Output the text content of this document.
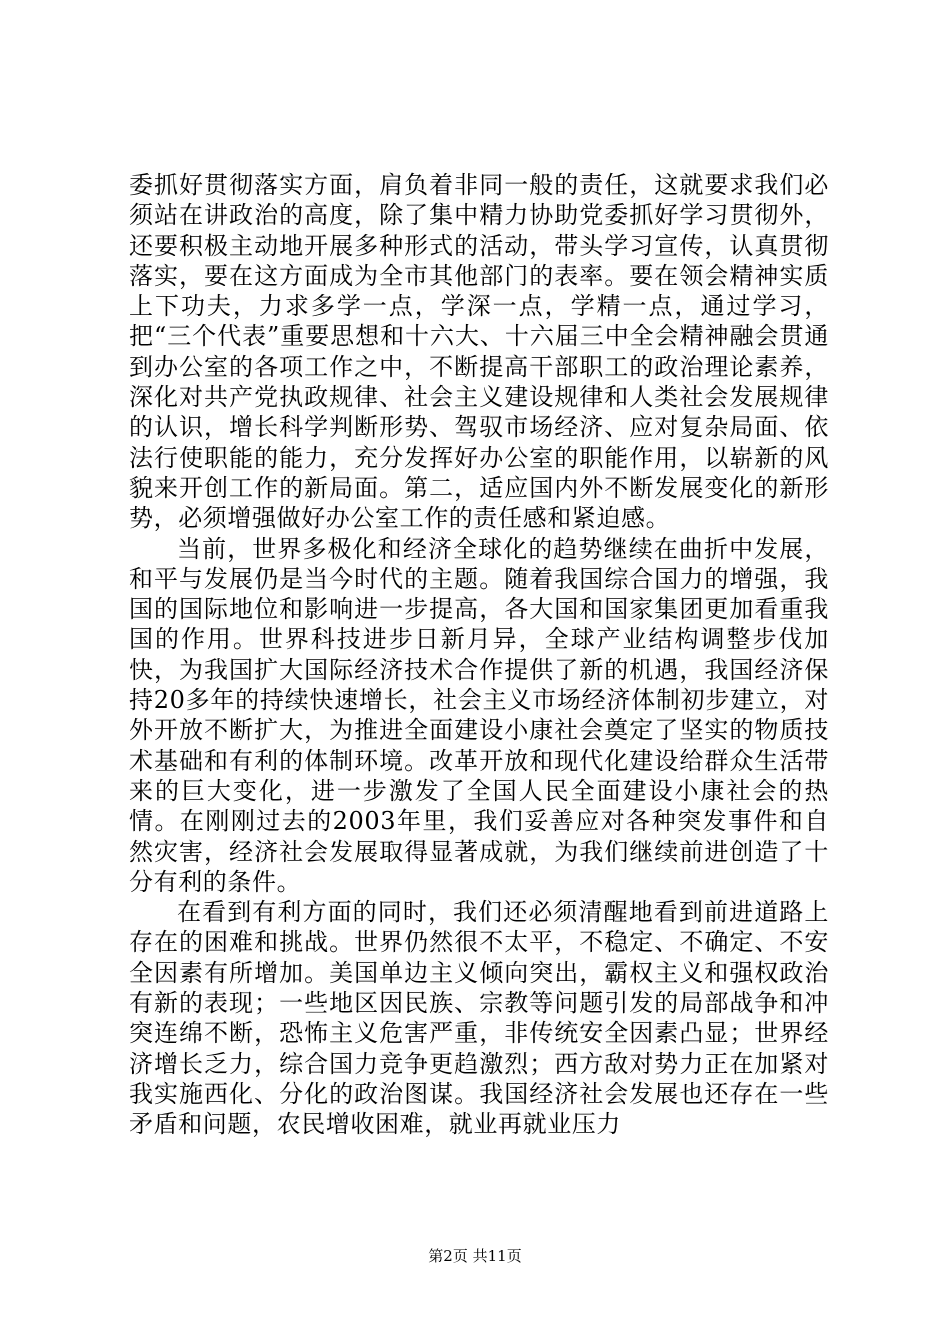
委抓好贯彻落实方面，肩负着非同一般的责任，这就要求我们必须站在讲政治的高度，除了集中精力协助党委抓好学习贯彻外，还要积极主动地开展多种形式的活动，带头学习宣传，认真贯彻落实，要在这方面成为全市其他部门的表率。要在领会精神实质上下功夫，力求多学一点，学深一点，学精一点，通过学习，把“三个代表”重要思想和十六大、十六届三中全会精神融会贯通到办公室的各项工作之中，不断提高干部职工的政治理论素养，深化对共产党执政规律、社会主义建设规律和人类社会发展规律的认识，增长科学判断形势、驾驭市场经济、应对复杂局面、依法行使职能的能力，充分发挥好办公室的职能作用，以崭新的风貌来开创工作的新局面。第二，适应国内外不断发展变化的新形势，必须增强做好办公室工作的责任感和紧迫感。

当前，世界多极化和经济全球化的趋势继续在曲折中发展，和平与发展仍是当今时代的主题。随着我国综合国力的增强，我国的国际地位和影响进一步提高，各大国和国家集团更加看重我国的作用。世界科技进步日新月异，全球产业结构调整步伐加快，为我国扩大国际经济技术合作提供了新的机遇，我国经济保持20多年的持续快速增长，社会主义市场经济体制初步建立，对外开放不断扩大，为推进全面建设小康社会奠定了坚实的物质技术基础和有利的体制环境。改革开放和现代化建设给群众生活带来的巨大变化，进一步激发了全国人民全面建设小康社会的热情。在刚刚过去的2003年里，我们妥善应对各种突发事件和自然灾害，经济社会发展取得显著成就，为我们继续前进创造了十分有利的条件。

在看到有利方面的同时，我们还必须清醒地看到前进道路上存在的困难和挑战。世界仍然很不太平，不稳定、不确定、不安全因素有所增加。美国单边主义倾向突出，霸权主义和强权政治有新的表现；一些地区因民族、宗教等问题引发的局部战争和冲突连绵不断，恐怖主义危害严重，非传统安全因素凸显；世界经济增长乏力，综合国力竞争更趋激烈；西方敌对势力正在加紧对我实施西化、分化的政治图谋。我国经济社会发展也还存在一些矛盾和问题，农民增收困难，就业再就业压力

第2页 共11页
